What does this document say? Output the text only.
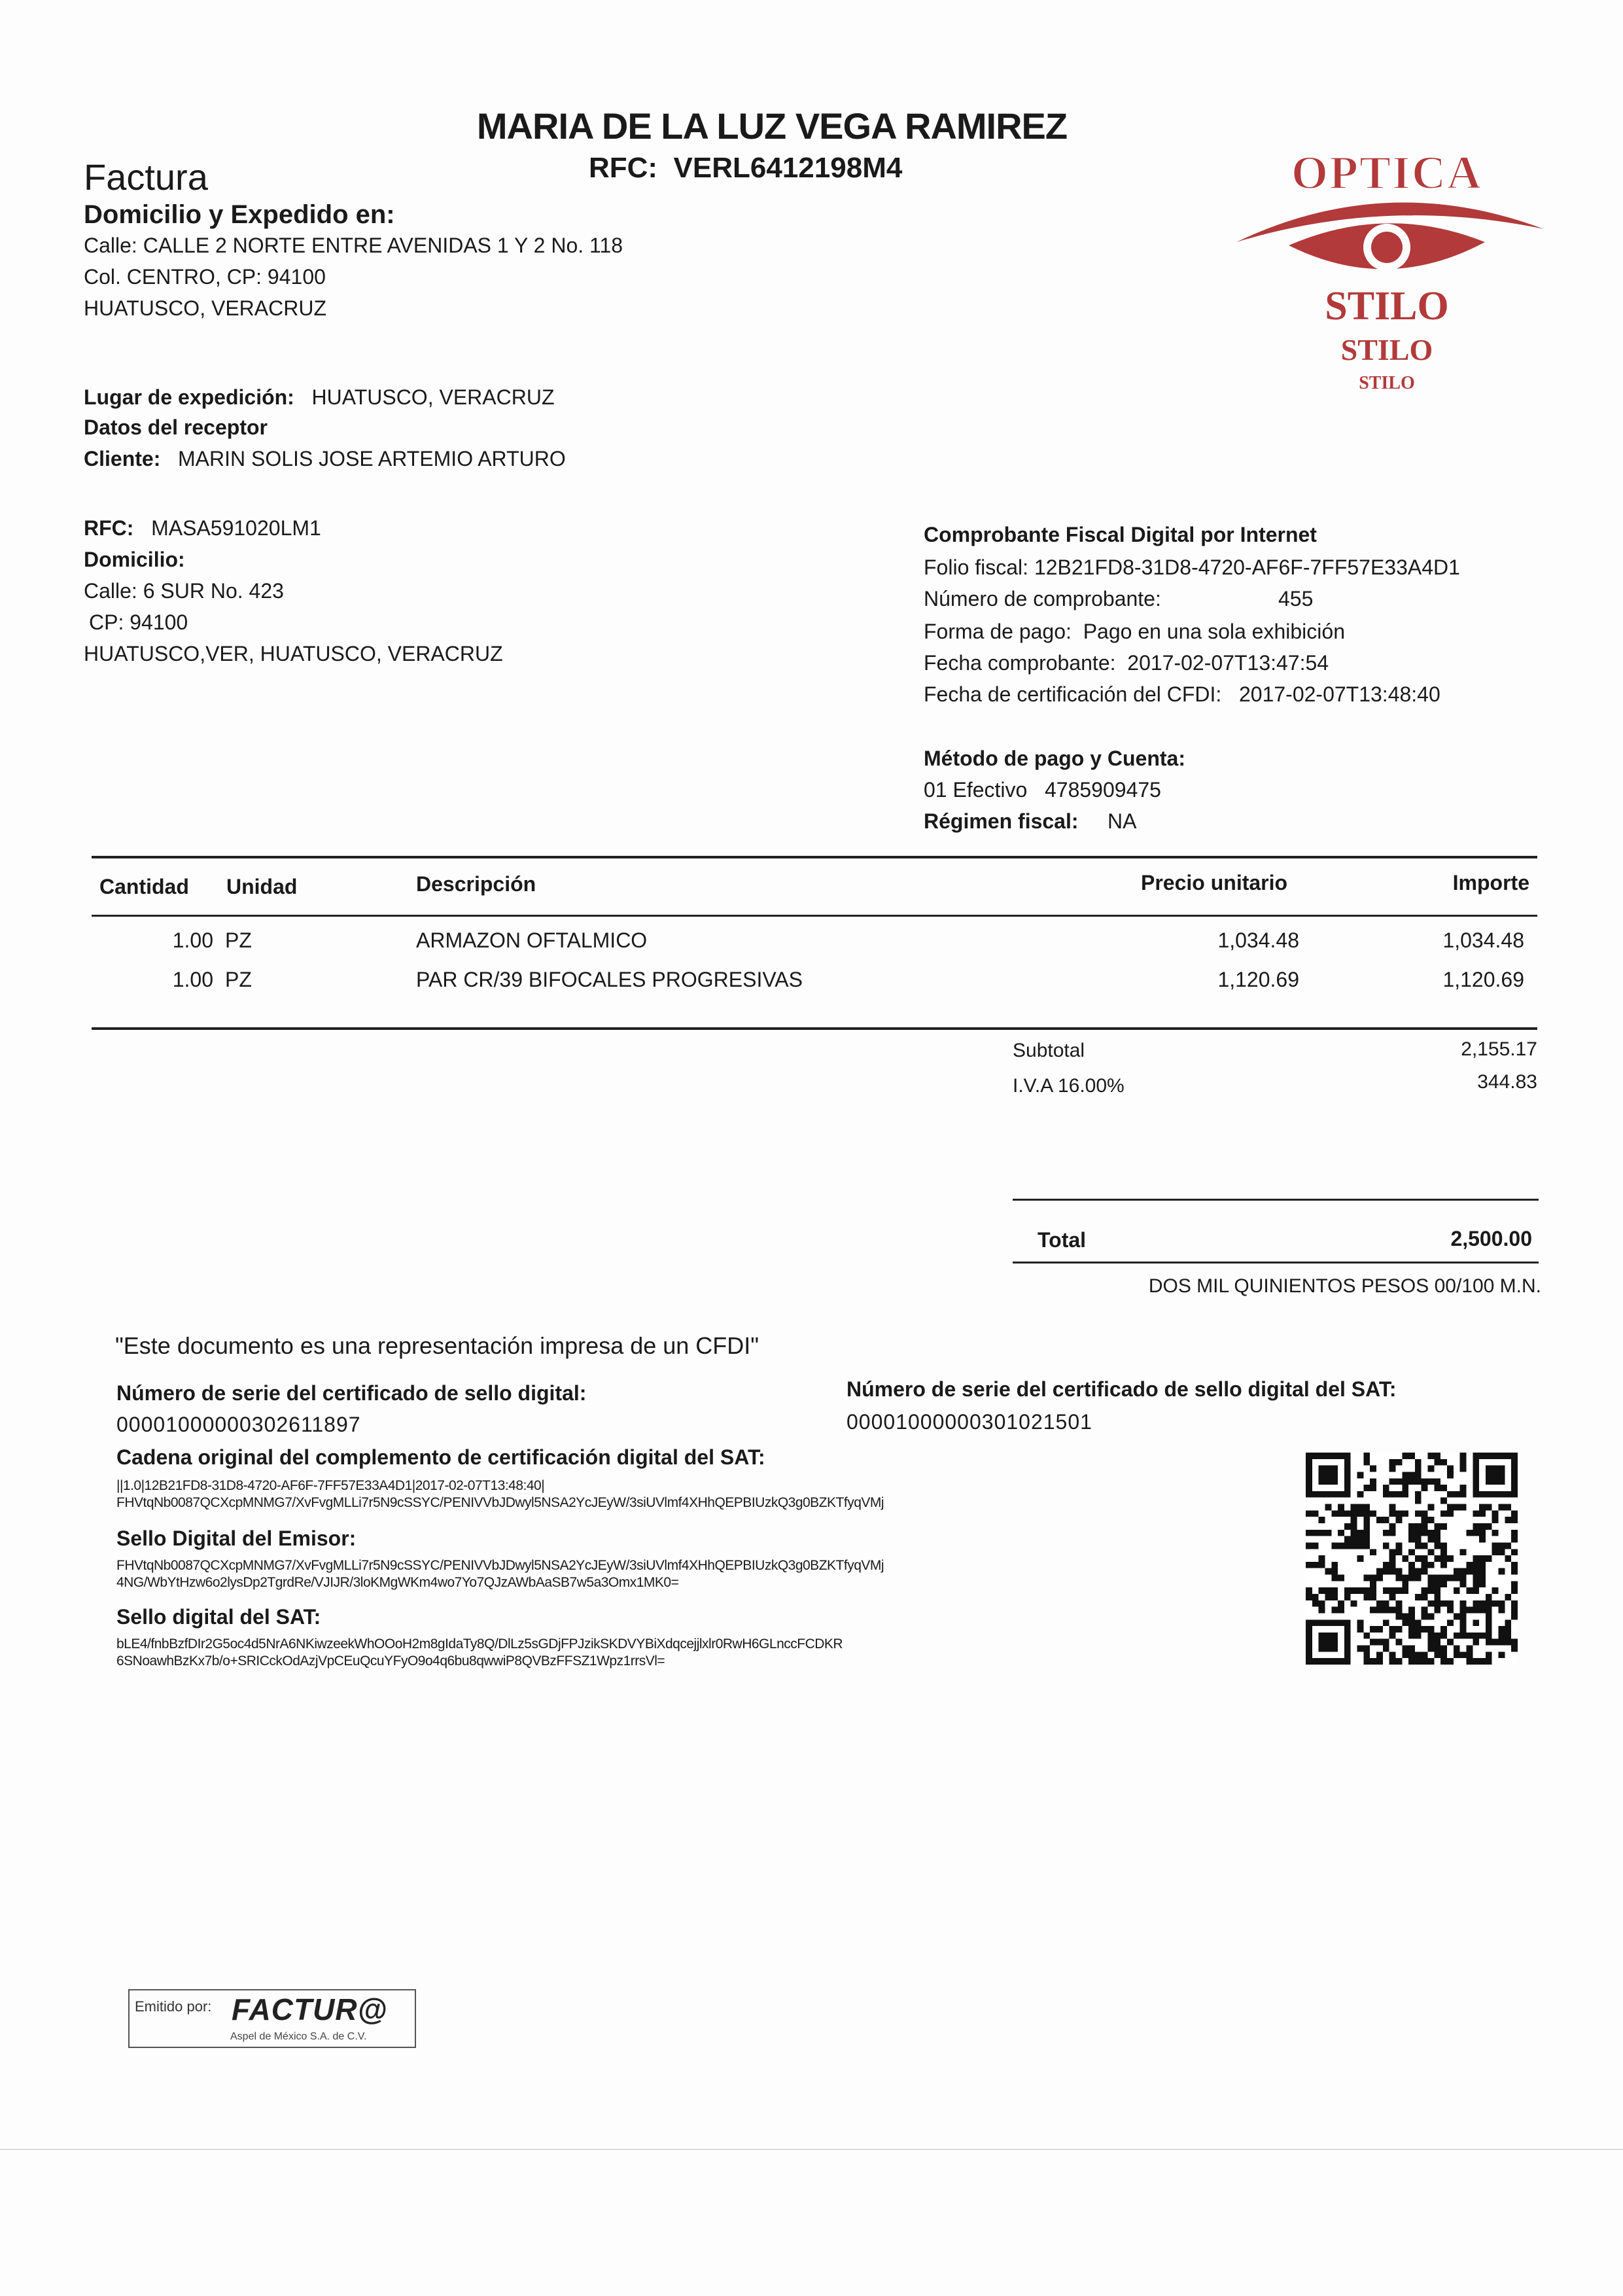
MARIA DE LA LUZ VEGA RAMIREZ
RFC: VERL6412198M4
Factura
Domicilio y Expedido en:
Calle: CALLE 2 NORTE ENTRE AVENIDAS 1 Y 2 No. 118
Col. CENTRO, CP: 94100
HUATUSCO, VERACRUZ
OPTICA
STILO
STILO
STILO
Lugar de expedición: HUATUSCO, VERACRUZ
Datos del receptor
Cliente: MARIN SOLIS JOSE ARTEMIO ARTURO
RFC: MASA591020LM1
Domicilio:
Calle: 6 SUR No. 423
CP: 94100
HUATUSCO,VER, HUATUSCO, VERACRUZ
Comprobante Fiscal Digital por Internet
Folio fiscal: 12B21FD8-31D8-4720-AF6F-7FF57E33A4D1
Número de comprobante:	455
Forma de pago: Pago en una sola exhibición
Fecha comprobante: 2017-02-07T13:47:54
Fecha de certificación del CFDI: 2017-02-07T13:48:40
Método de pago y Cuenta:
01 Efectivo 4785909475
Régimen fiscal: NA
Cantidad Unidad	Descripción	Precio unitario	Importe
1.00 PZ	ARMAZON OFTALMICO	1,034.48	1,034.48
1.00 PZ	PAR CR/39 BIFOCALES PROGRESIVAS	1,120.69	1,120.69
Subtotal	2,155.17
I.V.A 16.00%	344.83
Total	2,500.00
DOS MIL QUINIENTOS PESOS 00/100 M.N.
"Este documento es una representación impresa de un CFDI"
Número de serie del certificado de sello digital:
00001000000302611897
Número de serie del certificado de sello digital del SAT:
00001000000301021501
Cadena original del complemento de certificación digital del SAT:
||1.0|12B21FD8-31D8-4720-AF6F-7FF57E33A4D1|2017-02-07T13:48:40|
FHVtqNb0087QCXcpMNMG7/XvFvgMLLi7r5N9cSSYC/PENIVVbJDwyl5NSA2YcJEyW/3siUVlmf4XHhQEPBIUzkQ3g0BZKTfyqVMj
Sello Digital del Emisor:
FHVtqNb0087QCXcpMNMG7/XvFvgMLLi7r5N9cSSYC/PENIVVbJDwyl5NSA2YcJEyW/3siUVlmf4XHhQEPBIUzkQ3g0BZKTfyqVMj
4NG/WbYtHzw6o2lysDp2TgrdRe/VJIJR/3loKMgWKm4wo7Yo7QJzAWbAaSB7w5a3Omx1MK0=
Sello digital del SAT:
bLE4/fnbBzfDIr2G5oc4d5NrA6NKiwzeekWhOOoH2m8gIdaTy8Q/DlLz5sGDjFPJzikSKDVYBiXdqcejjlxlr0RwH6GLnccFCDKR
6SNoawhBzKx7b/o+SRICckOdAzjVpCEuQcuYFyO9o4q6bu8qwwiP8QVBzFFSZ1Wpz1rrsVl=
Emitido por: FACTUR@
Aspel de México S.A. de C.V.
